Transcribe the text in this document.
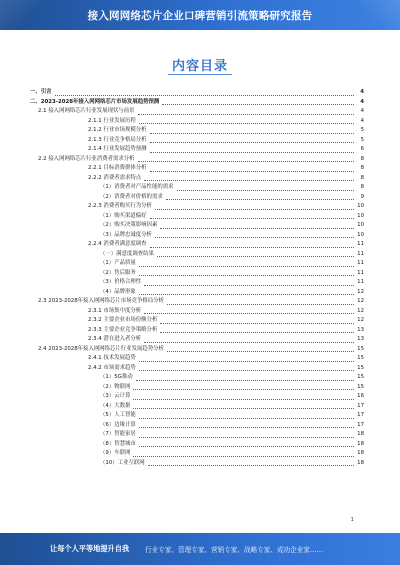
接入网网络芯片企业口碑营销引流策略研究报告
内容目录
一、引言	4
二、2023-2028年接入网网络芯片市场发展趋势预测	4
2.1 接入网网络芯片行业发展现状与前景	4
2.1.1 行业发展历程	4
2.1.2 行业市场规模分析	5
2.1.3 行业竞争格局分析	5
2.1.4 行业发展趋势预测	6
2.2 接入网网络芯片行业消费者需求分析	8
2.2.1 目标消费群体分析	8
2.2.2 消费者需求特点	8
（1）消费者对产品性能的需求	8
（2）消费者对价格的需求	9
2.2.3 消费者购买行为分析	10
（1）购买渠道偏好	10
（2）购买决策影响因素	10
（3）品牌忠诚度分析	10
2.2.4 消费者满意度调查	11
（一）满意度调查结果	11
（1）产品质量	11
（2）售后服务	11
（3）价格合理性	11
（4）品牌形象	12
2.3 2023-2028年接入网网络芯片市场竞争格局分析	12
2.3.1 市场集中度分析	12
2.3.2 主要企业市场份额分析	12
2.3.3 主要企业竞争策略分析	13
2.3.4 潜在进入者分析	13
2.4 2023-2028年接入网网络芯片行业发展趋势分析	15
2.4.1 技术发展趋势	15
2.4.2 市场需求趋势	15
（1）5G推动	15
（2）物联网	15
（3）云计算	16
（4）大数据	17
（5）人工智能	17
（6）边缘计算	17
（7）智能家居	18
（8）智慧城市	18
（9）车联网	18
（10）工业互联网	18
1
让每个人平等地提升自我	行业专家、管理专家、营销专家、战略专家、成功企业家……
